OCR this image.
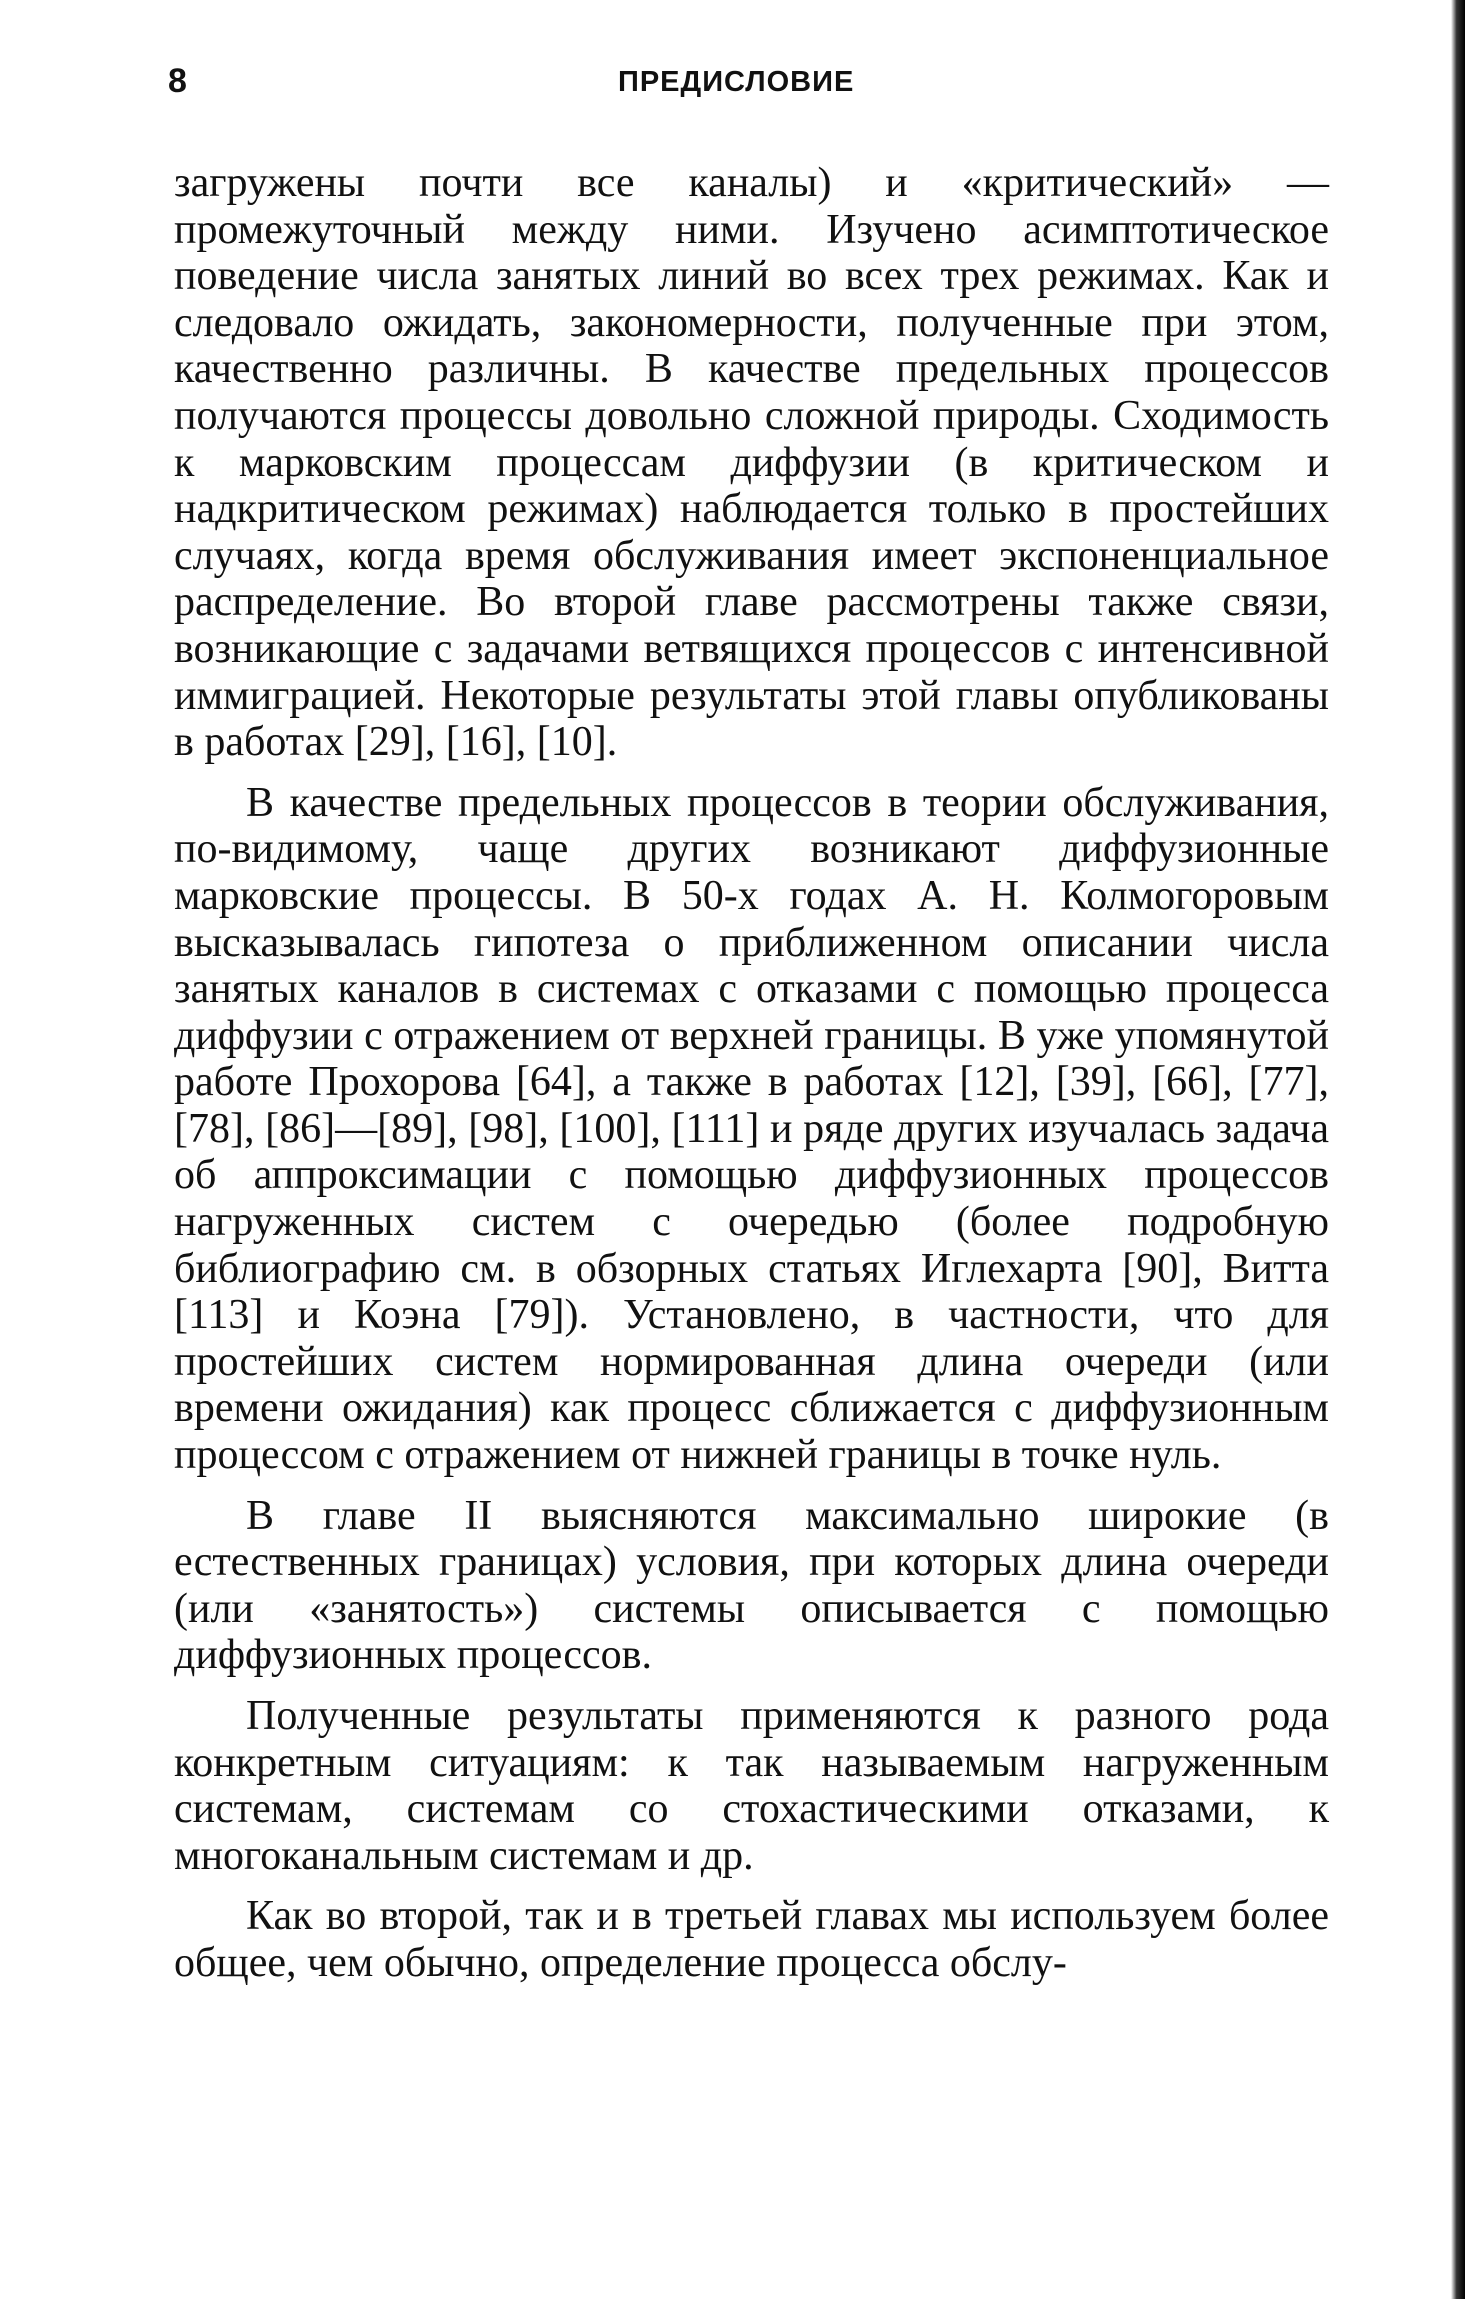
8	ПРЕДИСЛОВИЕ

загружены почти все каналы) и «критический» — промежуточный между ними. Изучено асимптотическое поведение числа занятых линий во всех трех режимах. Как и следовало ожидать, закономерности, полученные при этом, качественно различны. В качестве предельных процессов получаются процессы довольно сложной природы. Сходимость к марковским процессам диффузии (в критическом и надкритическом режимах) наблюдается только в простейших случаях, когда время обслуживания имеет экспоненциальное распределение. Во второй главе рассмотрены также связи, возникающие с задачами ветвящихся процессов с интенсивной иммиграцией. Некоторые результаты этой главы опубликованы в работах [29], [16], [10].

В качестве предельных процессов в теории обслуживания, по-видимому, чаще других возникают диффузионные марковские процессы. В 50-х годах А. Н. Колмогоровым высказывалась гипотеза о приближенном описании числа занятых каналов в системах с отказами с помощью процесса диффузии с отражением от верхней границы. В уже упомянутой работе Прохорова [64], а также в работах [12], [39], [66], [77], [78], [86]—[89], [98], [100], [111] и ряде других изучалась задача об аппроксимации с помощью диффузионных процессов нагруженных систем с очередью (более подробную библиографию см. в обзорных статьях Иглехарта [90], Витта [113] и Коэна [79]). Установлено, в частности, что для простейших систем нормированная длина очереди (или времени ожидания) как процесс сближается с диффузионным процессом с отражением от нижней границы в точке нуль.

В главе II выясняются максимально широкие (в естественных границах) условия, при которых длина очереди (или «занятость») системы описывается с помощью диффузионных процессов.

Полученные результаты применяются к разного рода конкретным ситуациям: к так называемым нагруженным системам, системам со стохастическими отказами, к многоканальным системам и др.

Как во второй, так и в третьей главах мы используем более общее, чем обычно, определение процесса обслу-
